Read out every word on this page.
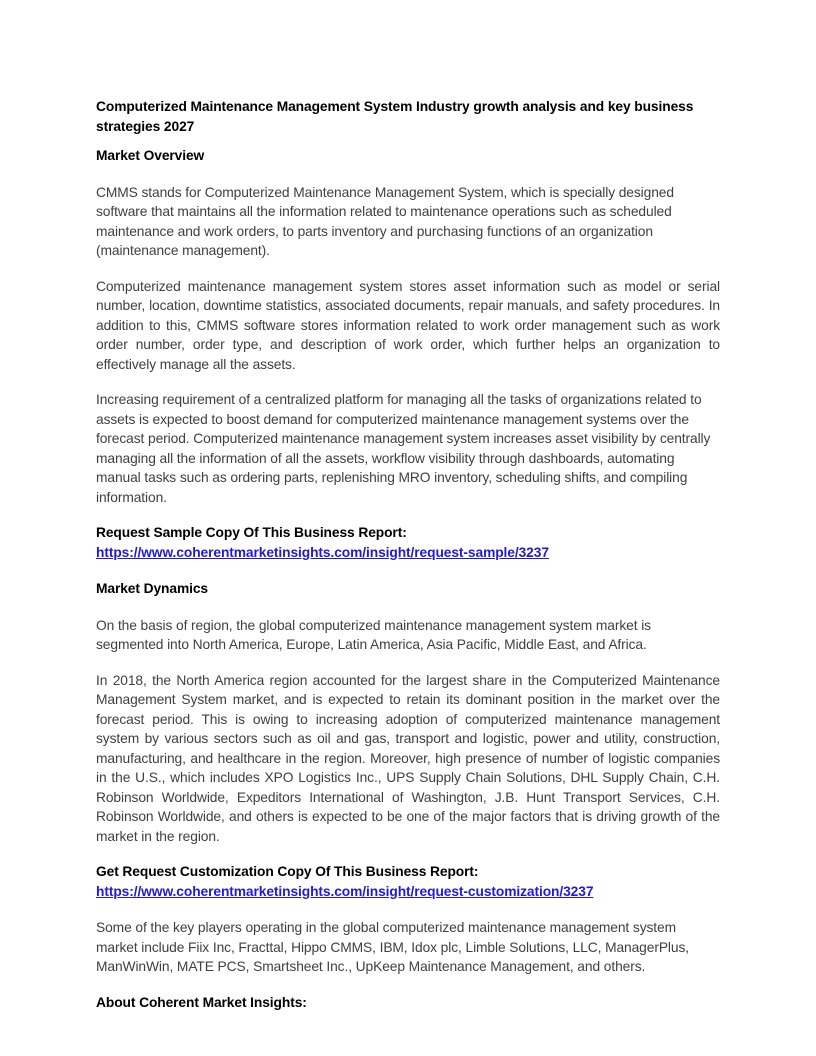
Computerized Maintenance Management System Industry growth analysis and key business strategies 2027
Market Overview

CMMS stands for Computerized Maintenance Management System, which is specially designed software that maintains all the information related to maintenance operations such as scheduled maintenance and work orders, to parts inventory and purchasing functions of an organization (maintenance management).

Computerized maintenance management system stores asset information such as model or serial number, location, downtime statistics, associated documents, repair manuals, and safety procedures. In addition to this, CMMS software stores information related to work order management such as work order number, order type, and description of work order, which further helps an organization to effectively manage all the assets.

Increasing requirement of a centralized platform for managing all the tasks of organizations related to assets is expected to boost demand for computerized maintenance management systems over the forecast period. Computerized maintenance management system increases asset visibility by centrally managing all the information of all the assets, workflow visibility through dashboards, automating manual tasks such as ordering parts, replenishing MRO inventory, scheduling shifts, and compiling information.

Request Sample Copy Of This Business Report:
https://www.coherentmarketinsights.com/insight/request-sample/3237
Market Dynamics

On the basis of region, the global computerized maintenance management system market is segmented into North America, Europe, Latin America, Asia Pacific, Middle East, and Africa.

In 2018, the North America region accounted for the largest share in the Computerized Maintenance Management System market, and is expected to retain its dominant position in the market over the forecast period. This is owing to increasing adoption of computerized maintenance management system by various sectors such as oil and gas, transport and logistic, power and utility, construction, manufacturing, and healthcare in the region. Moreover, high presence of number of logistic companies in the U.S., which includes XPO Logistics Inc., UPS Supply Chain Solutions, DHL Supply Chain, C.H. Robinson Worldwide, Expeditors International of Washington, J.B. Hunt Transport Services, C.H. Robinson Worldwide, and others is expected to be one of the major factors that is driving growth of the market in the region.

Get Request Customization Copy Of This Business Report:
https://www.coherentmarketinsights.com/insight/request-customization/3237

Some of the key players operating in the global computerized maintenance management system market include Fiix Inc, Fracttal, Hippo CMMS, IBM, Idox plc, Limble Solutions, LLC, ManagerPlus, ManWinWin, MATE PCS, Smartsheet Inc., UpKeep Maintenance Management, and others.

About Coherent Market Insights:
